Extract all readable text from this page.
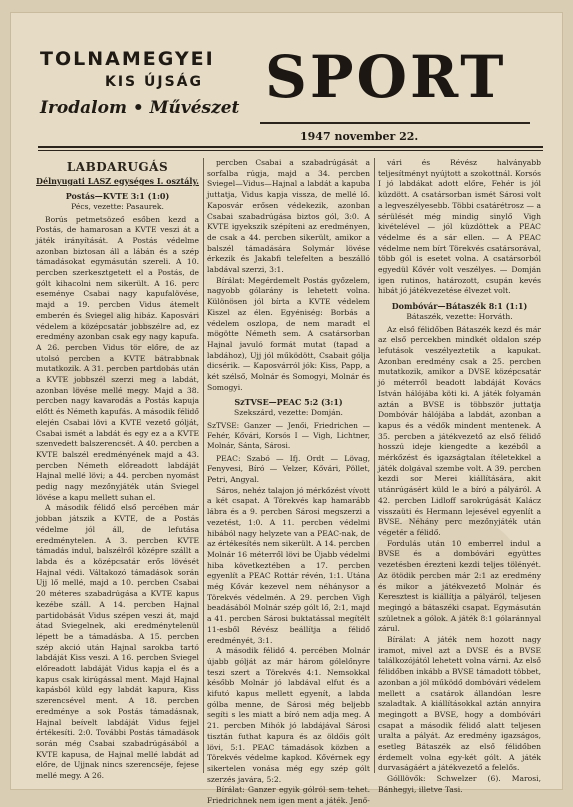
TOLNAMEGYEI
KIS ÚJSÁG
Irodalom • Művészet SPORT
1947 november 22.
LABDARUGÁS
Délnyugati LASZ egységes I. osztály.
Postás—KVTE 3:1 (1:0)
Pécs, vezette: Pasaurek.

Borús petmetsözeő esőben kezd a Postás, de hamarosan a KVTE veszi át a játék irányítását. A Postás védelme azonban biztosan áll a lábán és a szép támadásokat egymásután szereli. A 10. percben szerkesztgetett el a Postás, de gólt kihacolni nem sikerült. A 16. perc eseménye Csabai nagy kapufalövése, majd a 19. percben Vidus átemelt emberén és Sviegel alig hibáz. Kaposvári védelem a középcsatár jobbszélre ad, ez eredmény azonban csak egy nagy kapufa. A 26. percben Vidus tör előre, de az utolsó percben a KVTE bátrabbnak mutatkozik. A 31. percben partdobás után a KVTE jobbszél szerzi meg a labdát, azonban lövése mellé megy. Majd a 38. percben nagy kavarodás a Postás kapuja előtt és Németh kapufás. A második félidő elején Csabai lövi a KVTE vezető gólját, Csabai ismét a labdát és egy ez a a KVTE szenvedett balszerencsét. A 40. percben a KVTE balszél eredményének majd a 43. percben Németh előreadott labdáját Hajnal mellé lövi; a 44. percben nyomást pedig nagy mezőnyjáték után Sviegel lövése a kapu mellett suhan el.

A második félidő első percében már jobban játszik a KVTE, de a Postás védelme jól áll, de lefutása eredménytelen. A 3. percben KVTE támadás indul, balszélről középre szállt a labda és a középcsatár erős lövését Hajnal védi. Váltakozó támadások során Ujj lő mellé, majd a 10. percben Csabai 20 méteres szabadrúgása a KVTE kapus kezébe száll. A 14. percben Hajnal partidobását Vidus szépen veszi át, majd átad Sviegelnek, aki eredménytelenül lépett be a támadásba. A 15. percben szép akció után Hajnal sarokba tartó labdáját Kiss veszi. A 16. percben Sviegel előreadott labdáját Vidus kapja el és a kapus csak kirúgással ment. Majd Hajnal kapásból küld egy labdát kapura, Kiss szerencsével ment. A 18. percben eredménye a sok Postás támadásnak, Hajnal beívelt labdáját Vidus fejjel értékesíti. 2:0. További Postás támadások során még Csabai szabadrúgásából a KVTE kapusa, de Hajnal mellé labdát ad előre, de Ujjnak nincs szerencséje, fejese mellé megy. A 26.

percben Csabai a szabadrúgását a sorfalba rúgja, majd a 34. percben Sviegel—Vidus—Hajnal a labdát a kapuba juttatja, Vidus kapja vissza, de mellé lő. Kaposvár erősen védekezik, azonban Csabai szabadrúgása biztos gól, 3:0. A KVTE igyekszik szépíteni az eredményen, de csak a 44. percben sikerült, amikor a balszél támadására Solymár lövése érkezik és Jakabfi telefelten a beszálló labdával szerzi, 3:1.

Bírálat: Megérdemelt Postás győzelem, nagyobb gólarány is lehetett volna. Különösen jól bírta a KVTE védelem Kiszel az élen. Egyéniség: Borbás a védelem oszlopa, de nem maradt el mögötte Németh sem. A csatársorban Hajnal javuló formát mutat (tapad a labdához), Ujj jól működött, Csabait gólja dicsérik. — Kaposvárról jók: Kiss, Papp, a két szélső, Molnár és Somogyi, Molnár és Somogyi.

SzTVSE—PEAC 5:2 (3:1)
Szekszárd, vezette: Domján.
SzTVSE: Ganzer — Jenői, Friedrichen — Fehér, Kővári, Korsós I — Vigh, Lichtner, Molnár, Sánta, Sárosi.

PEAC: Szabó — Ifj. Ordt — Lövag, Fenyvesi, Bíró — Velzer, Kővári, Pöllet, Petri, Angyal.

Sáros, nehéz talajon jó mérkőzést vívott a két csapat. A Törekvés kap hamarább lábra és a 9. percben Sárosi megszerzi a vezetést, 1:0. A 11. percben védelmi hibából nagy helyzete van a PEAC-nak, de az értékesítés nem sikerült. A 14. percben Molnár 16 méterről lövi be Újabb védelmi hiba következtében a 17. percben egyenlít a PEAC Rottár révén, 1:1. Utána még Kővár kezevel nem néhánysor a Törekvés védelmén. A 29. percben Vigh beadásából Molnár szép gólt lő, 2:1, majd a 41. percben Sárosi buktatással megítélt 11-esből Révész beállítja a félidő eredményét, 3:1.

A második félidő 4. percében Molnár újabb gólját az már három gólelőnyre teszi szert a Törekvés 4:1. Nemsokkal később Molnár jó labdával elfut és a kifutó kapus mellett egyenít, a labda gólba menne, de Sárosi még beljebb segíti s les miatt a bíró nem adja meg. A 21. percben Mihók jó labdájával Sárosi tisztán futhat kapura és az öldőis gólt lövi, 5:1. PEAC támadások közben a Törekvés védelme kapkod. Kővérnek egy sikertelen vonása még egy szép gólt szerzés javára, 5:2.

Bírálat: Ganzer egyik gólról sem tehet. Friedrichnek nem igen ment a játék. Jenő-

vári és Révész halványabb teljesítményt nyújtott a szokottnál. Korsós I jó labdákat adott előre, Fehér is jól küzdött. A csatársorban ismét Sárosi volt a legveszélyesebb. Többi csatárétrosz — a sérülését még mindig sinylő Vigh kivételével — jól küzdöttek a PEAC védelme és a sár ellen. — A PEAC védelme nem bírt Törekvés csatársorával, több gól is esetet volna. A csatársorból egyedül Kővér volt veszélyes. — Domján igen rutinos, határozott, csupán kevés hibát jó játékvezetése élvezet volt.

Dombóvár—Bátaszék 8:1 (1:1)
Bátaszék, vezette: Horváth.

Az első félidőben Bátaszék kezd és már az első percekben mindkét oldalon szép lefutások veszélyeztetik a kapukat. Azonban eredmény csak a 25. percben mutatkozik, amikor a DVSE középcsatár jó méterről beadott labdáját Kovács István hálójába köti ki. A játék folyamán aztán a BVSE is többször juttatja Dombóvár hálójába a labdát, azonban a kapus és a védők mindent mentenek. A 35. percben a játékvezető az első félidő hosszú ideje kiengedte a kezéből a mérkőzést és igazságtalan ítéletekkel a játék dolgával szembe volt. A 39. percben kezdi sor Merei kiállítására, akit utánrúgásért küld le a bíró a pályáról. A 42. percben Lidloff sarokrúgását Kalácz visszaüti és Hermann lejesével egyenlít a BVSE. Néhány perc mezőnyjáték után végetér a félidő.

Fordulás után 10 emberrel indul a BVSE és a dombóvári együttes vezetésben érezteni kezdi teljes tölényét. Az ötödik percben már 2:1 az eredmény és mikor a játékvezető Molnár és Keresztest is kiállítja a pályáról, teljesen megingó a bátaszéki csapat. Egymásután születnek a gólok. A játék 8:1 gólaránnyal zárul.

Bírálat: A játék nem hozott nagy iramot, mivel azt a DVSE és a BVSE találkozójától lehetett volna várni. Az első félidőben inkább a BVSE támadott többet, azonban a jól működő dombóvári védelem mellett a csatárok állandóan lesre szaladtak. A kiállításokkal aztán annyira megingott a BVSE, hogy a dombóvári csapat a második félidő alatt teljesen uralta a pályát. Az eredmény igazságos, esetleg Bátaszék az első félidőben érdemelt volna egy-két gólt. A játék durvaságáért a játékvezető a felelős.

Gólllövők: Schwelzer (6). Marosi, Bánhegyi, illetve Tasi.
